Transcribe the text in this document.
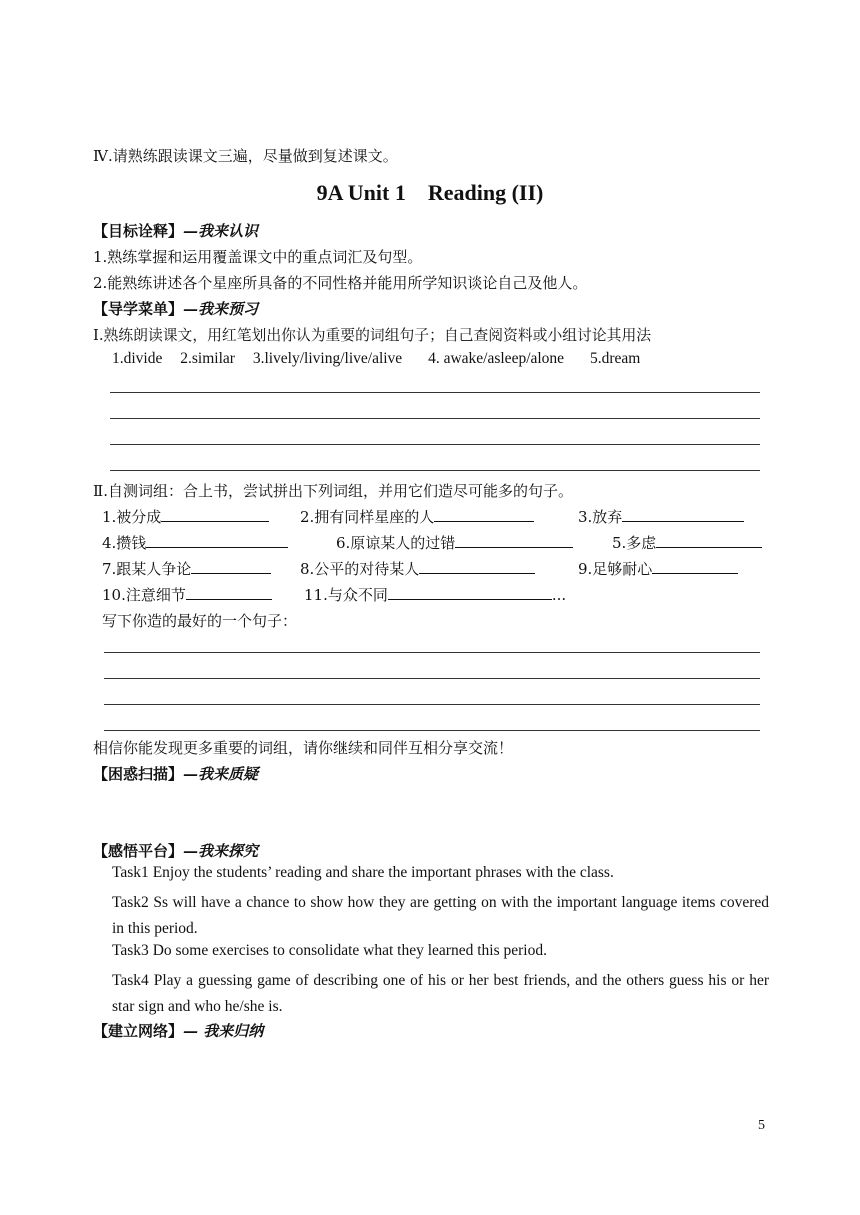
Ⅳ.请熟练跟读课文三遍，尽量做到复述课文。
9A Unit 1    Reading (II)
【目标诠释】—我来认识
1.熟练掌握和运用覆盖课文中的重点词汇及句型。
2.能熟练讲述各个星座所具备的不同性格并能用所学知识谈论自己及他人。
【导学菜单】—我来预习
Ⅰ.熟练朗读课文，用红笔划出你认为重要的词组句子；自己查阅资料或小组讨论其用法
1.divide 2.similar 3.lively/living/live/alive 4. awake/asleep/alone 5.dream
Ⅱ.自测词组：合上书，尝试拼出下列词组，并用它们造尽可能多的句子。
1.被分成	2.拥有同样星座的人	3.放弃
4.攒钱	6.原谅某人的过错	5.多虑
7.跟某人争论	8.公平的对待某人	9.足够耐心
10.注意细节	11.与众不同	...
写下你造的最好的一个句子：
相信你能发现更多重要的词组，请你继续和同伴互相分享交流！
【困惑扫描】—我来质疑
【感悟平台】—我来探究
Task1 Enjoy the students’ reading and share the important phrases with the class.
Task2 Ss will have a chance to show how they are getting on with the important language items covered in this period.
Task3 Do some exercises to consolidate what they learned this period.
Task4 Play a guessing game of describing one of his or her best friends, and the others guess his or her star sign and who he/she is.
【建立网络】— 我来归纳
5
